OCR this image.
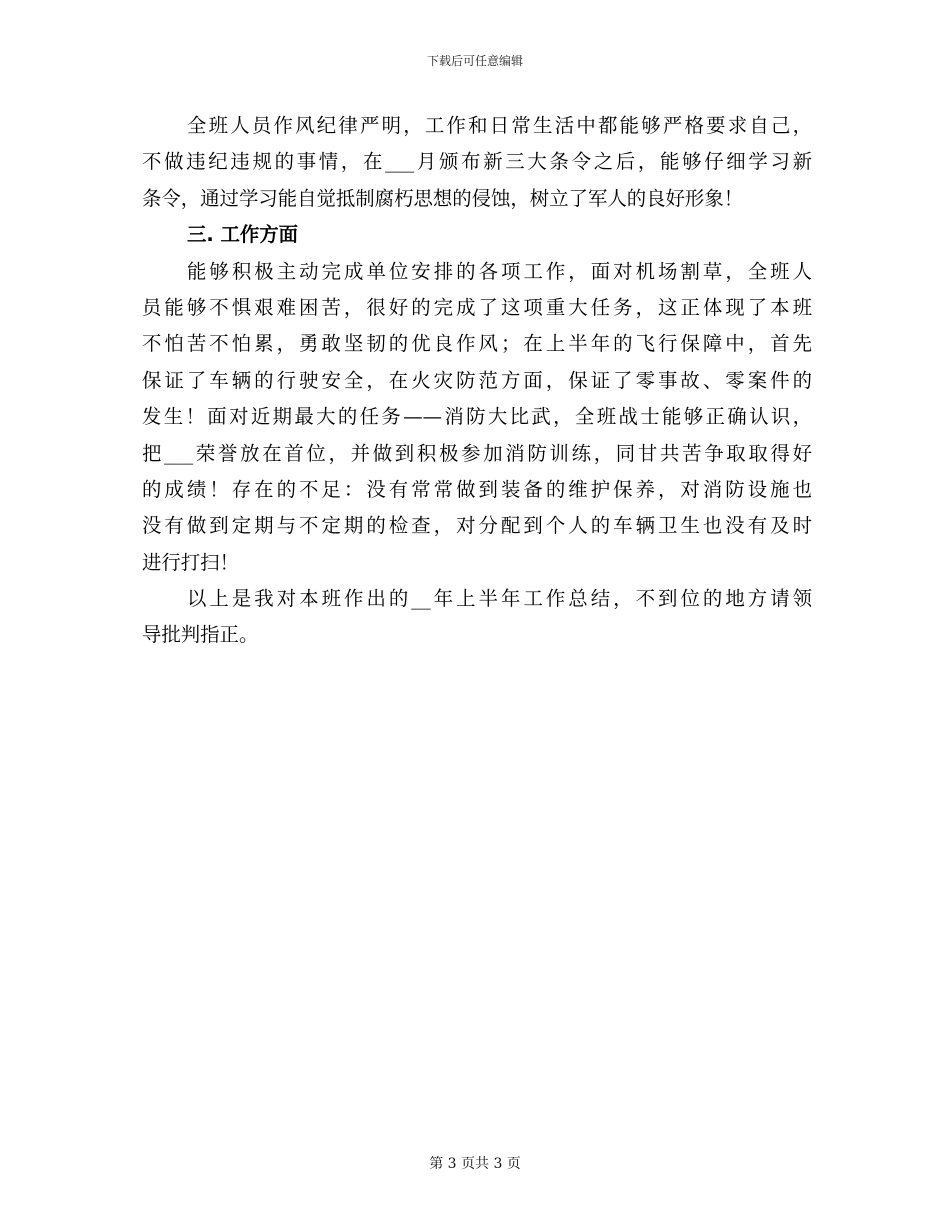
下载后可任意编辑
全班人员作风纪律严明，工作和日常生活中都能够严格要求自己，
不做违纪违规的事情，在___月颁布新三大条令之后，能够仔细学习新
条令，通过学习能自觉抵制腐朽思想的侵蚀，树立了军人的良好形象！
三. 工作方面
能够积极主动完成单位安排的各项工作，面对机场割草，全班人
员能够不惧艰难困苦，很好的完成了这项重大任务，这正体现了本班
不怕苦不怕累，勇敢坚韧的优良作风；在上半年的飞行保障中，首先
保证了车辆的行驶安全，在火灾防范方面，保证了零事故、零案件的
发生！面对近期最大的任务——消防大比武，全班战士能够正确认识，
把___荣誉放在首位，并做到积极参加消防训练，同甘共苦争取取得好
的成绩！存在的不足：没有常常做到装备的维护保养，对消防设施也
没有做到定期与不定期的检查，对分配到个人的车辆卫生也没有及时
进行打扫！
以上是我对本班作出的__年上半年工作总结，不到位的地方请领
导批判指正。
第 3 页共 3 页
